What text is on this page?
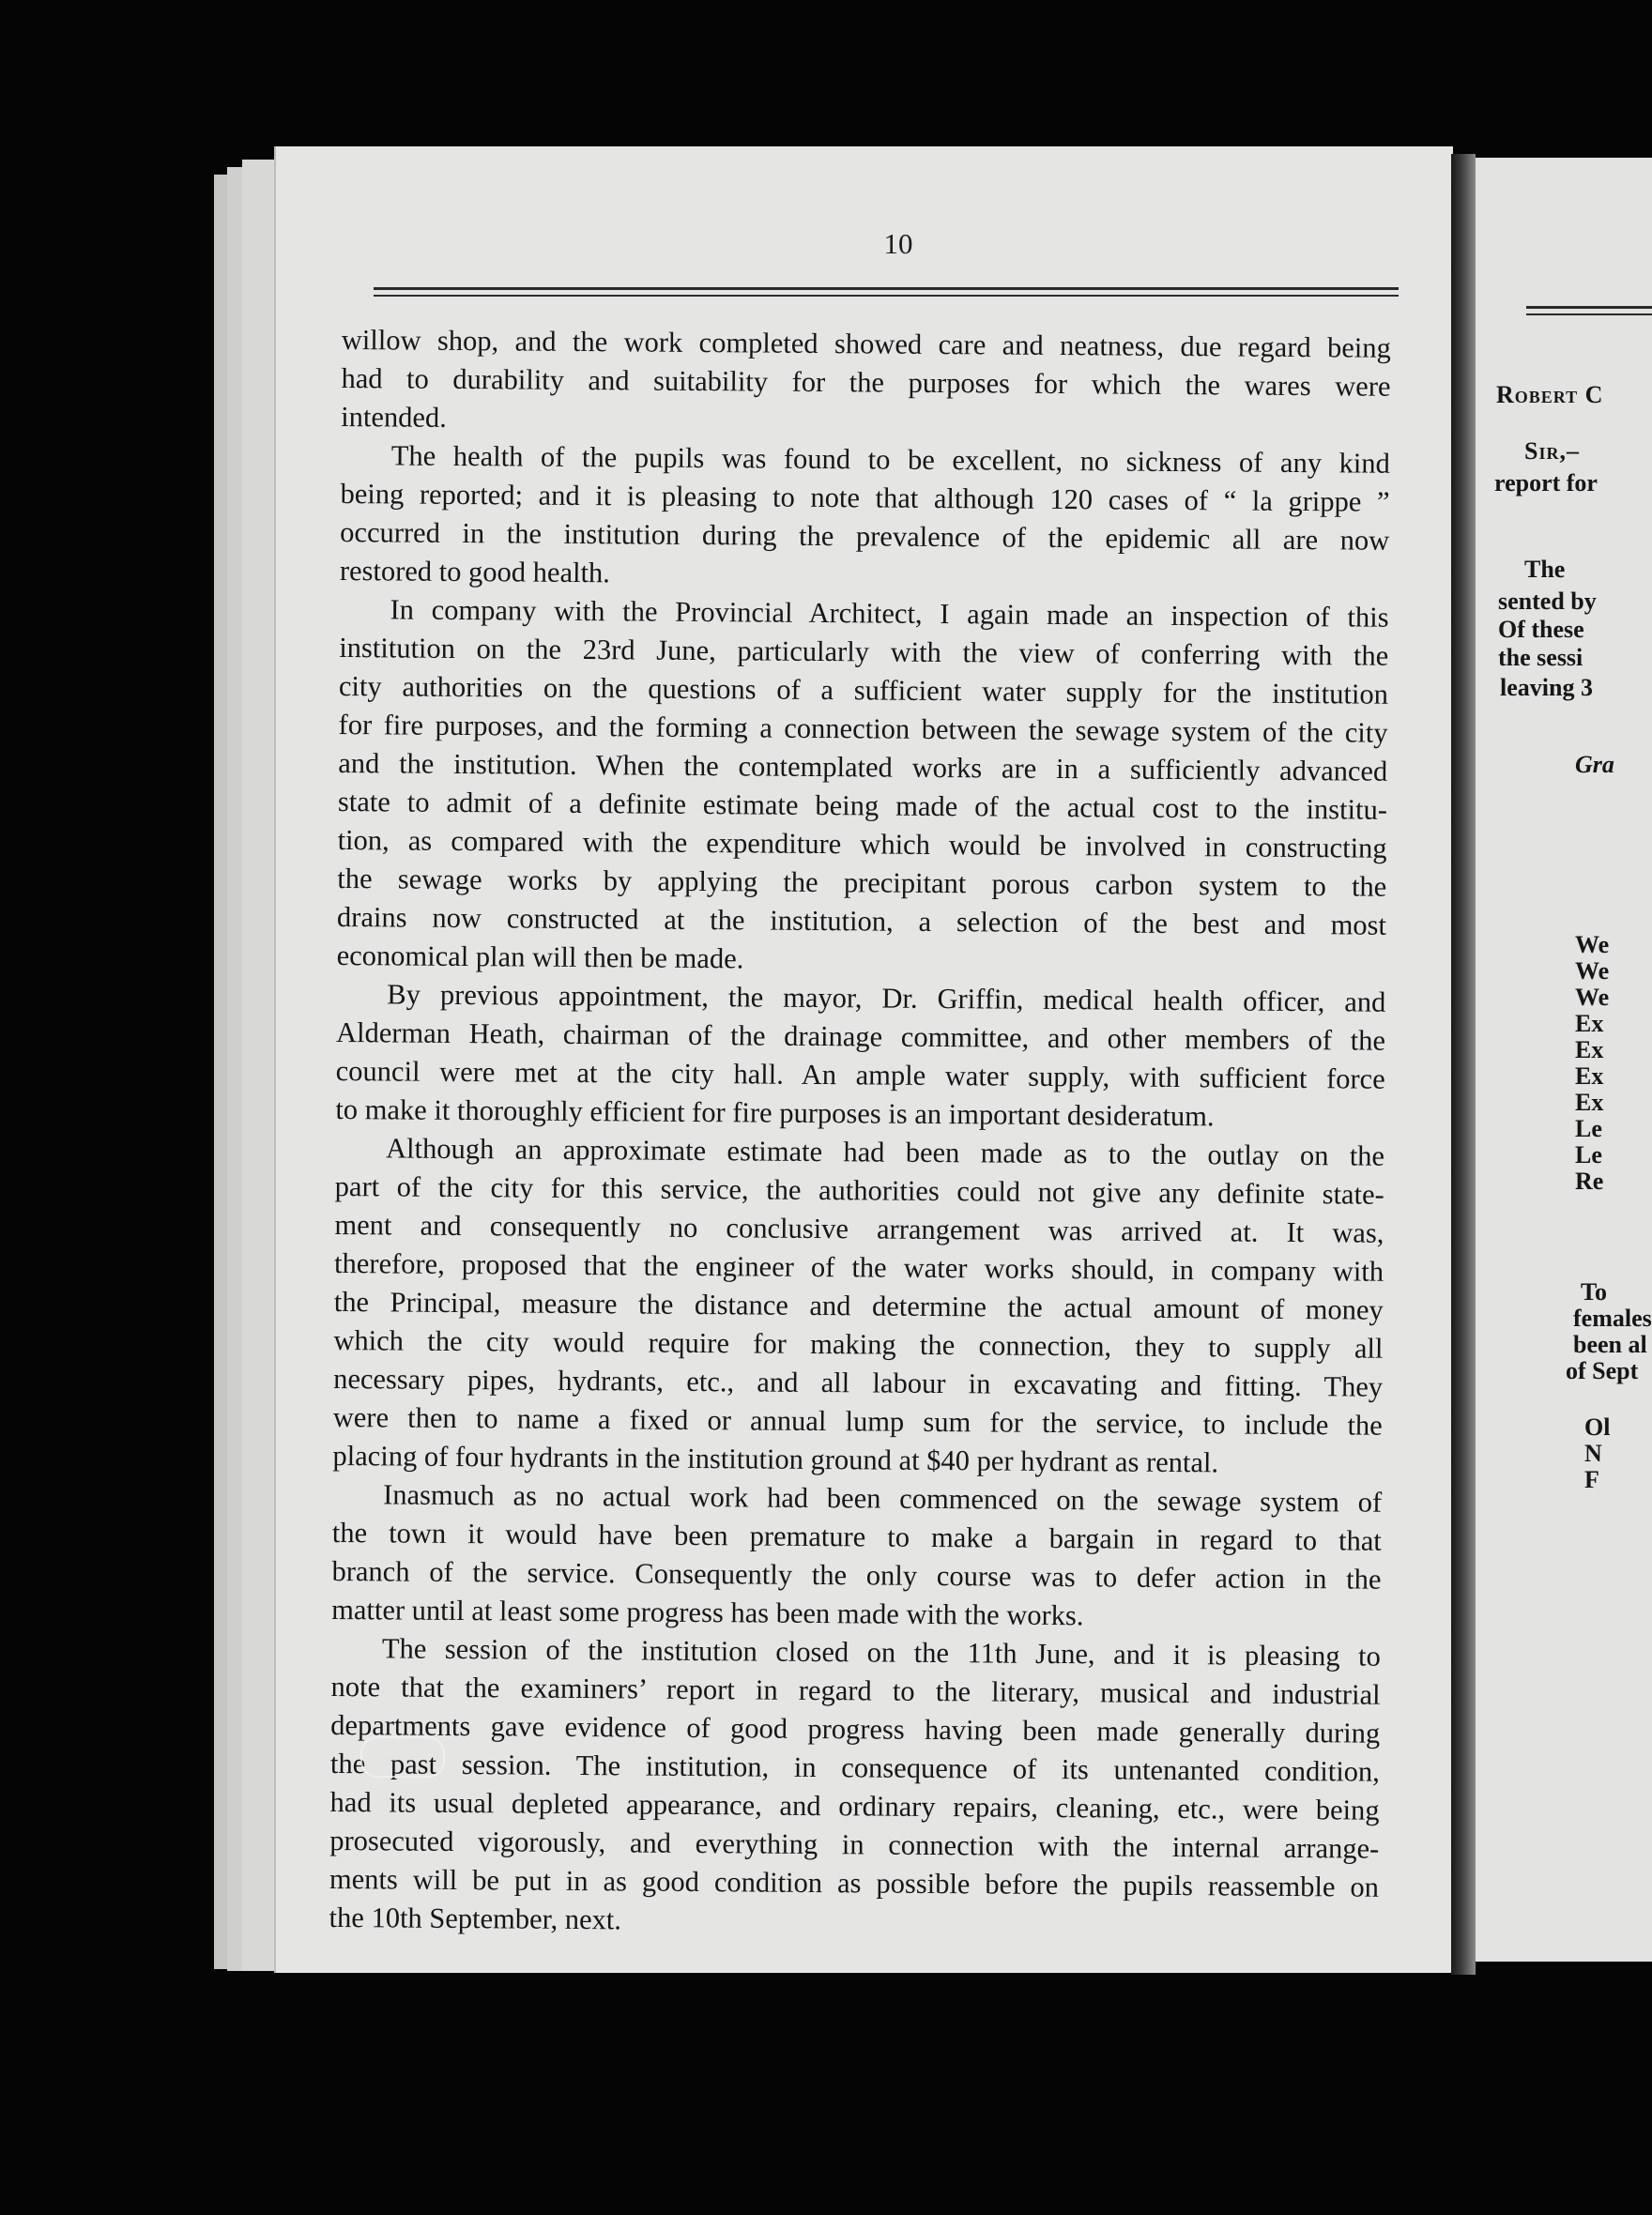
10

willow shop, and the work completed showed care and neatness, due regard being
had to durability and suitability for the purposes for which the wares were
intended.

The health of the pupils was found to be excellent, no sickness of any kind
being reported; and it is pleasing to note that although 120 cases of “ la grippe ”
occurred in the institution during the prevalence of the epidemic all are now
restored to good health.

In company with the Provincial Architect, I again made an inspection of this
institution on the 23rd June, particularly with the view of conferring with the
city authorities on the questions of a sufficient water supply for the institution
for fire purposes, and the forming a connection between the sewage system of the city
and the institution. When the contemplated works are in a sufficiently advanced
state to admit of a definite estimate being made of the actual cost to the institu-
tion, as compared with the expenditure which would be involved in constructing
the sewage works by applying the precipitant porous carbon system to the
drains now constructed at the institution, a selection of the best and most
economical plan will then be made.

By previous appointment, the mayor, Dr. Griffin, medical health officer, and
Alderman Heath, chairman of the drainage committee, and other members of the
council were met at the city hall. An ample water supply, with sufficient force
to make it thoroughly efficient for fire purposes is an important desideratum.

Although an approximate estimate had been made as to the outlay on the
part of the city for this service, the authorities could not give any definite state-
ment and consequently no conclusive arrangement was arrived at. It was,
therefore, proposed that the engineer of the water works should, in company with
the Principal, measure the distance and determine the actual amount of money
which the city would require for making the connection, they to supply all
necessary pipes, hydrants, etc., and all labour in excavating and fitting. They
were then to name a fixed or annual lump sum for the service, to include the
placing of four hydrants in the institution ground at $40 per hydrant as rental.

Inasmuch as no actual work had been commenced on the sewage system of
the town it would have been premature to make a bargain in regard to that
branch of the service. Consequently the only course was to defer action in the
matter until at least some progress has been made with the works.

The session of the institution closed on the 11th June, and it is pleasing to
note that the examiners’ report in regard to the literary, musical and industrial
departments gave evidence of good progress having been made generally during
the past session. The institution, in consequence of its untenanted condition,
had its usual depleted appearance, and ordinary repairs, cleaning, etc., were being
prosecuted vigorously, and everything in connection with the internal arrange-
ments will be put in as good condition as possible before the pupils reassemble on
the 10th September, next.

Robert C
Sir,–
report for
The
sented by
Of these
the sessi
leaving 3
Gra
We
We
We
Ex
Ex
Ex
Ex
Le
Le
Re
To
females
been al
of Sept
Ol
N
F
